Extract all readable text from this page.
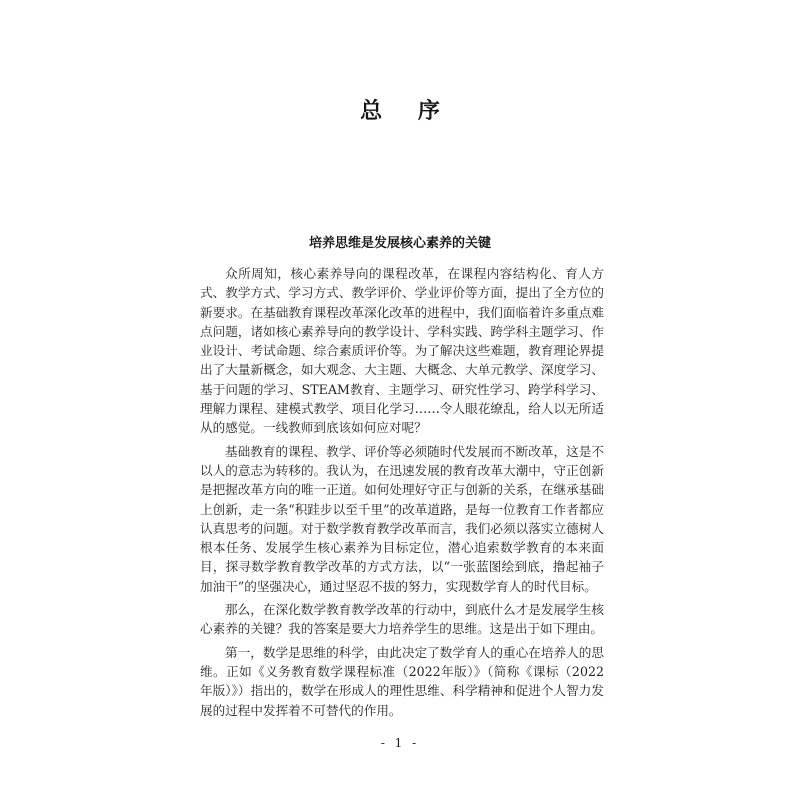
总 序
培养思维是发展核心素养的关键

众所周知，核心素养导向的课程改革，在课程内容结构化、育人方式、教学方式、学习方式、教学评价、学业评价等方面，提出了全方位的新要求。在基础教育课程改革深化改革的进程中，我们面临着许多重点难点问题，诸如核心素养导向的教学设计、学科实践、跨学科主题学习、作业设计、考试命题、综合素质评价等。为了解决这些难题，教育理论界提出了大量新概念，如大观念、大主题、大概念、大单元教学、深度学习、基于问题的学习、STEAM教育、主题学习、研究性学习、跨学科学习、理解力课程、建模式教学、项目化学习……令人眼花缭乱，给人以无所适从的感觉。一线教师到底该如何应对呢？

基础教育的课程、教学、评价等必须随时代发展而不断改革，这是不以人的意志为转移的。我认为，在迅速发展的教育改革大潮中，守正创新是把握改革方向的唯一正道。如何处理好守正与创新的关系，在继承基础上创新，走一条“积跬步以至千里”的改革道路，是每一位教育工作者都应认真思考的问题。对于数学教育教学改革而言，我们必须以落实立德树人根本任务、发展学生核心素养为目标定位，潜心追索数学教育的本来面目，探寻数学教育教学改革的方式方法，以“一张蓝图绘到底，撸起袖子加油干”的坚强决心，通过坚忍不拔的努力，实现数学育人的时代目标。

那么，在深化数学教育教学改革的行动中，到底什么才是发展学生核心素养的关键？我的答案是要大力培养学生的思维。这是出于如下理由。

第一，数学是思维的科学，由此决定了数学育人的重心在培养人的思维。正如《义务教育数学课程标准（2022年版）》（简称《课标（2022年版）》）指出的，数学在形成人的理性思维、科学精神和促进个人智力发展的过程中发挥着不可替代的作用。

- 1 -
